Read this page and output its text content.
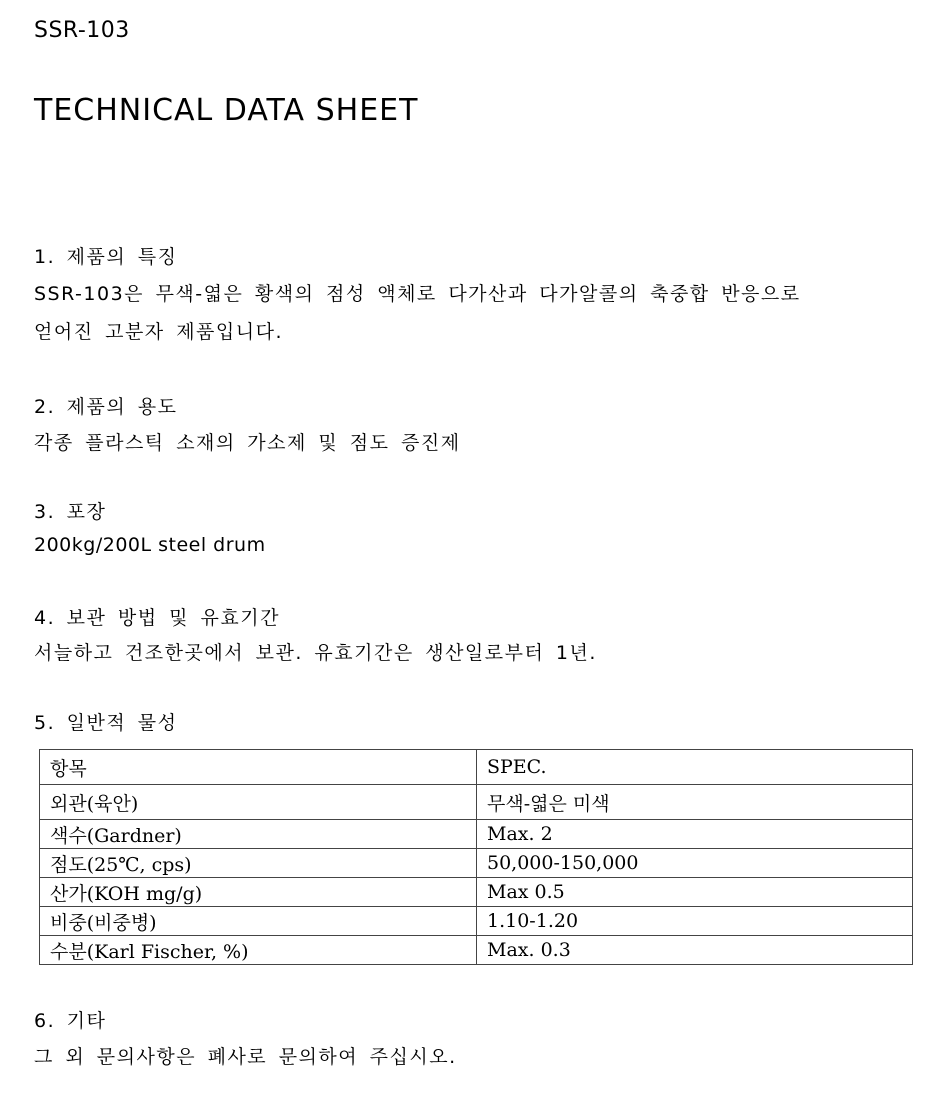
SSR-103
TECHNICAL DATA SHEET
1. 제품의 특징
SSR-103은 무색-엷은 황색의 점성 액체로 다가산과 다가알콜의 축중합 반응으로
얻어진 고분자 제품입니다.
2. 제품의 용도
각종 플라스틱 소재의 가소제 및 점도 증진제
3. 포장
200kg/200L steel drum
4. 보관 방법 및 유효기간
서늘하고 건조한곳에서 보관. 유효기간은 생산일로부터 1년.
5. 일반적 물성
항목	SPEC.
외관(육안)	무색-엷은 미색
색수(Gardner)	Max. 2
점도(25℃, cps)	50,000-150,000
산가(KOH mg/g)	Max 0.5
비중(비중병)	1.10-1.20
수분(Karl Fischer, %)	Max. 0.3
6. 기타
그 외 문의사항은 폐사로 문의하여 주십시오.
